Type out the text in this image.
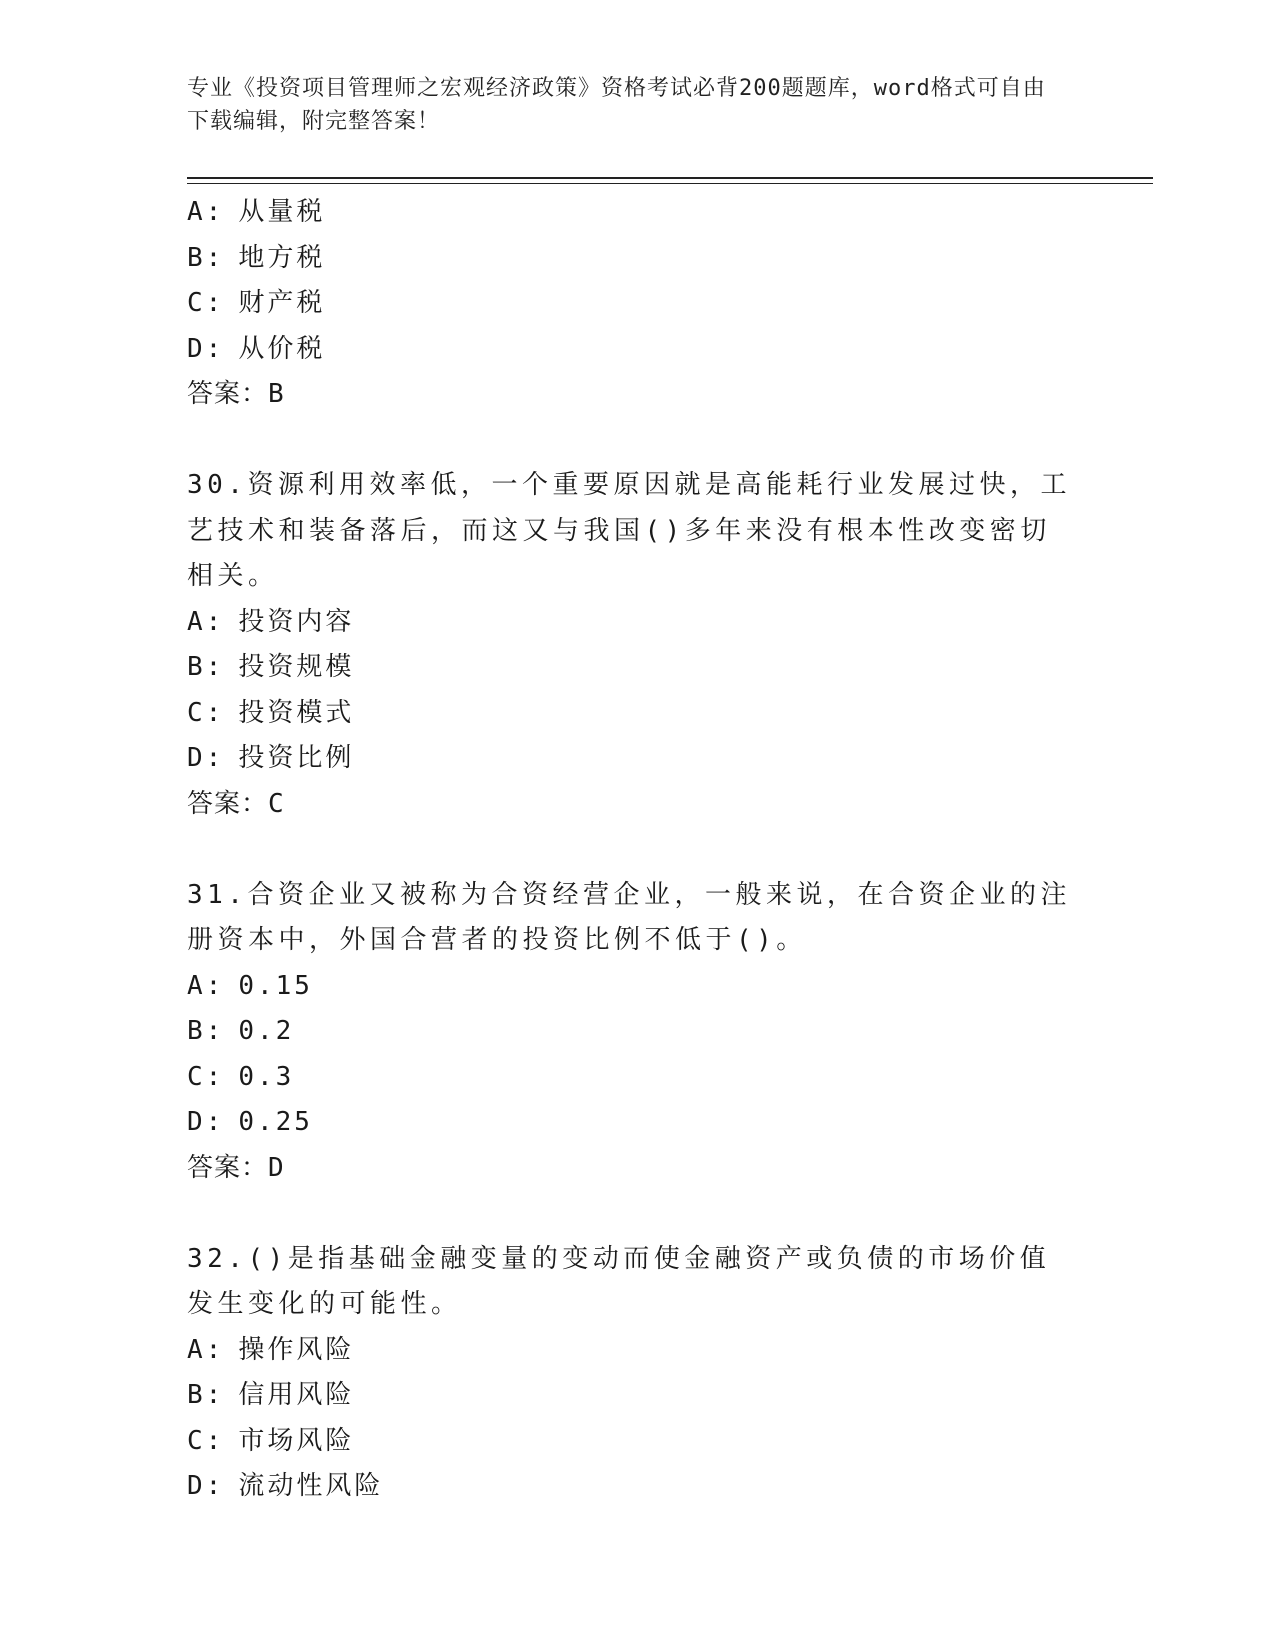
专业《投资项目管理师之宏观经济政策》资格考试必背200题题库，word格式可自由下载编辑，附完整答案！
A: 从量税
B: 地方税
C: 财产税
D: 从价税
答案：B
30.资源利用效率低，一个重要原因就是高能耗行业发展过快，工艺技术和装备落后，而这又与我国()多年来没有根本性改变密切相关。
A: 投资内容
B: 投资规模
C: 投资模式
D: 投资比例
答案：C
31.合资企业又被称为合资经营企业，一般来说，在合资企业的注册资本中，外国合营者的投资比例不低于()。
A: 0.15
B: 0.2
C: 0.3
D: 0.25
答案：D
32.()是指基础金融变量的变动而使金融资产或负债的市场价值发生变化的可能性。
A: 操作风险
B: 信用风险
C: 市场风险
D: 流动性风险
